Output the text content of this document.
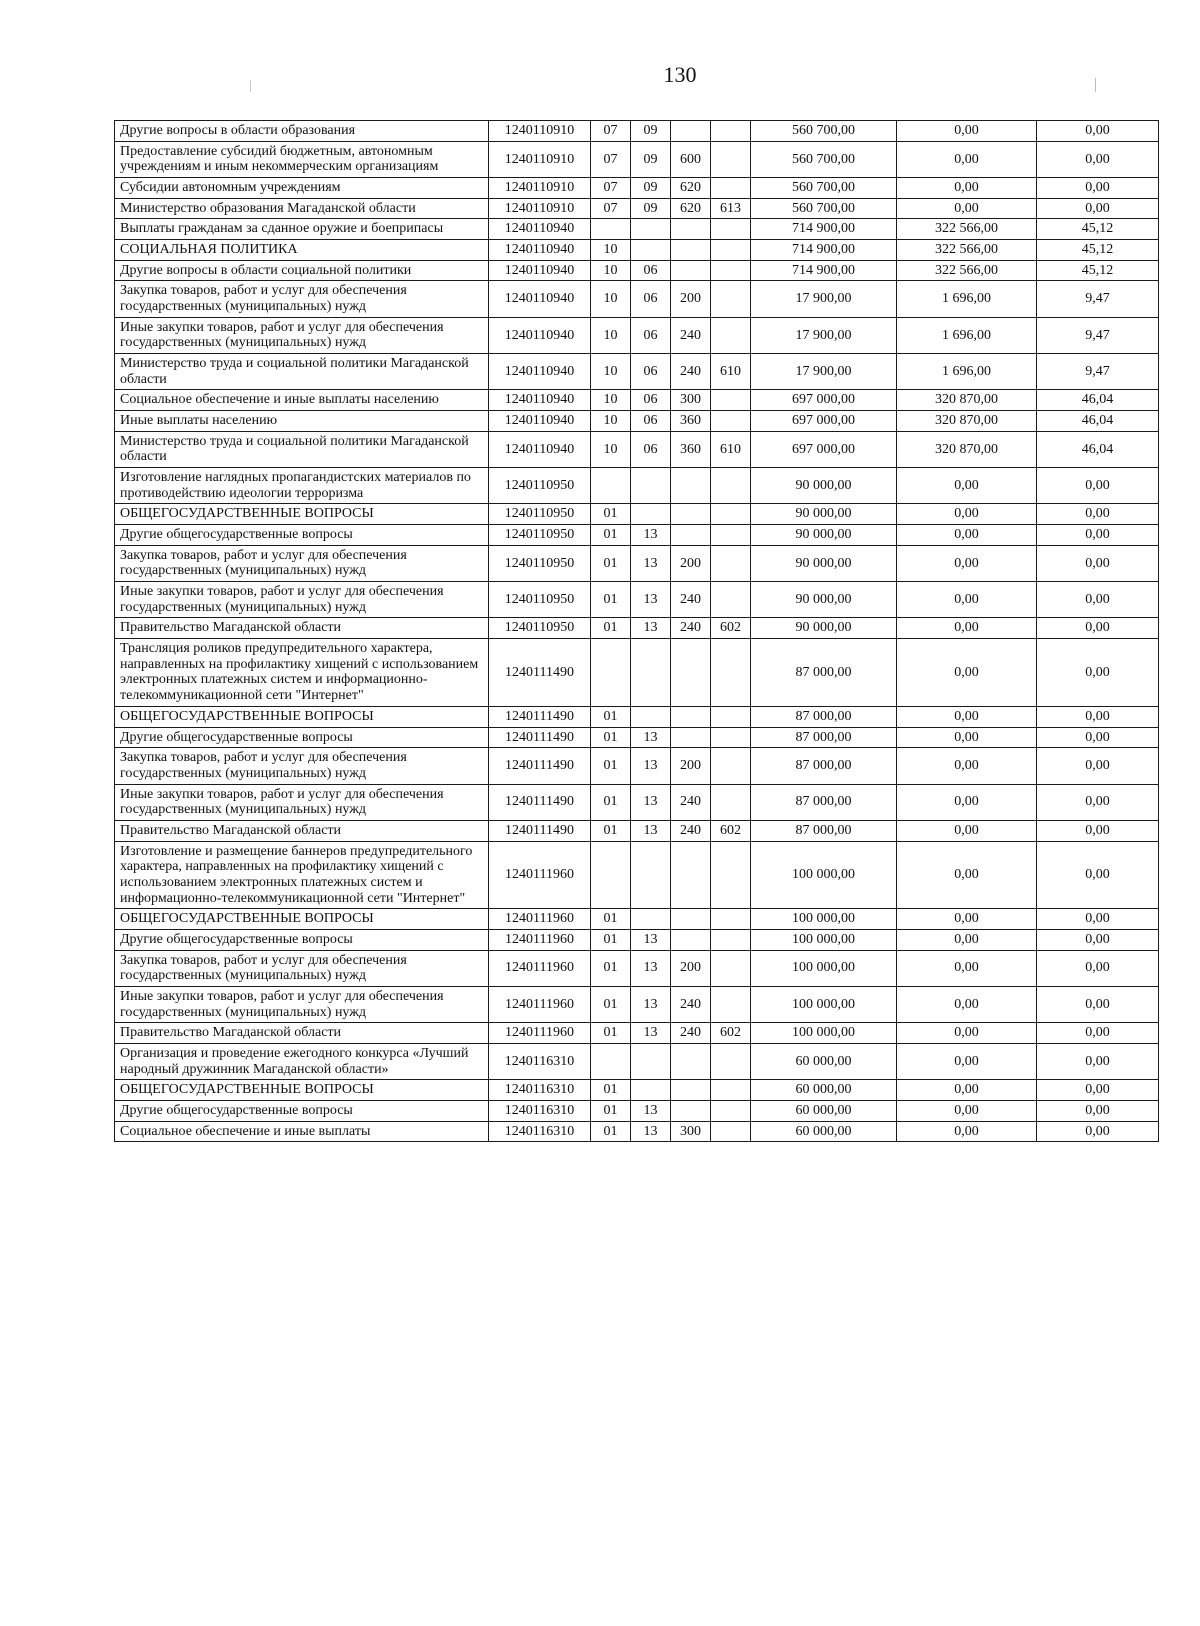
130
Другие вопросы в области образования	1240110910	07	09			560 700,00	0,00	0,00
Предоставление субсидий бюджетным, автономным учреждениям и иным некоммерческим организациям	1240110910	07	09	600		560 700,00	0,00	0,00
Субсидии автономным учреждениям	1240110910	07	09	620		560 700,00	0,00	0,00
Министерство образования Магаданской области	1240110910	07	09	620	613	560 700,00	0,00	0,00
Выплаты гражданам за сданное оружие и боеприпасы	1240110940					714 900,00	322 566,00	45,12
СОЦИАЛЬНАЯ ПОЛИТИКА	1240110940	10				714 900,00	322 566,00	45,12
Другие вопросы в области социальной политики	1240110940	10	06			714 900,00	322 566,00	45,12
Закупка товаров, работ и услуг для обеспечения государственных (муниципальных) нужд	1240110940	10	06	200		17 900,00	1 696,00	9,47
Иные закупки товаров, работ и услуг для обеспечения государственных (муниципальных) нужд	1240110940	10	06	240		17 900,00	1 696,00	9,47
Министерство труда и социальной политики Магаданской области	1240110940	10	06	240	610	17 900,00	1 696,00	9,47
Социальное обеспечение и иные выплаты населению	1240110940	10	06	300		697 000,00	320 870,00	46,04
Иные выплаты населению	1240110940	10	06	360		697 000,00	320 870,00	46,04
Министерство труда и социальной политики Магаданской области	1240110940	10	06	360	610	697 000,00	320 870,00	46,04
Изготовление наглядных пропагандистских материалов по противодействию идеологии терроризма	1240110950					90 000,00	0,00	0,00
ОБЩЕГОСУДАРСТВЕННЫЕ ВОПРОСЫ	1240110950	01				90 000,00	0,00	0,00
Другие общегосударственные вопросы	1240110950	01	13			90 000,00	0,00	0,00
Закупка товаров, работ и услуг для обеспечения государственных (муниципальных) нужд	1240110950	01	13	200		90 000,00	0,00	0,00
Иные закупки товаров, работ и услуг для обеспечения государственных (муниципальных) нужд	1240110950	01	13	240		90 000,00	0,00	0,00
Правительство Магаданской области	1240110950	01	13	240	602	90 000,00	0,00	0,00
Трансляция роликов предупредительного характера, направленных на профилактику хищений с использованием электронных платежных систем и информационно-телекоммуникационной сети "Интернет"	1240111490					87 000,00	0,00	0,00
ОБЩЕГОСУДАРСТВЕННЫЕ ВОПРОСЫ	1240111490	01				87 000,00	0,00	0,00
Другие общегосударственные вопросы	1240111490	01	13			87 000,00	0,00	0,00
Закупка товаров, работ и услуг для обеспечения государственных (муниципальных) нужд	1240111490	01	13	200		87 000,00	0,00	0,00
Иные закупки товаров, работ и услуг для обеспечения государственных (муниципальных) нужд	1240111490	01	13	240		87 000,00	0,00	0,00
Правительство Магаданской области	1240111490	01	13	240	602	87 000,00	0,00	0,00
Изготовление и размещение баннеров предупредительного характера, направленных на профилактику хищений с использованием электронных платежных систем и информационно-телекоммуникационной сети "Интернет"	1240111960					100 000,00	0,00	0,00
ОБЩЕГОСУДАРСТВЕННЫЕ ВОПРОСЫ	1240111960	01				100 000,00	0,00	0,00
Другие общегосударственные вопросы	1240111960	01	13			100 000,00	0,00	0,00
Закупка товаров, работ и услуг для обеспечения государственных (муниципальных) нужд	1240111960	01	13	200		100 000,00	0,00	0,00
Иные закупки товаров, работ и услуг для обеспечения государственных (муниципальных) нужд	1240111960	01	13	240		100 000,00	0,00	0,00
Правительство Магаданской области	1240111960	01	13	240	602	100 000,00	0,00	0,00
Организация и проведение ежегодного конкурса «Лучший народный дружинник Магаданской области»	1240116310					60 000,00	0,00	0,00
ОБЩЕГОСУДАРСТВЕННЫЕ ВОПРОСЫ	1240116310	01				60 000,00	0,00	0,00
Другие общегосударственные вопросы	1240116310	01	13			60 000,00	0,00	0,00
Социальное обеспечение и иные выплаты	1240116310	01	13	300		60 000,00	0,00	0,00
